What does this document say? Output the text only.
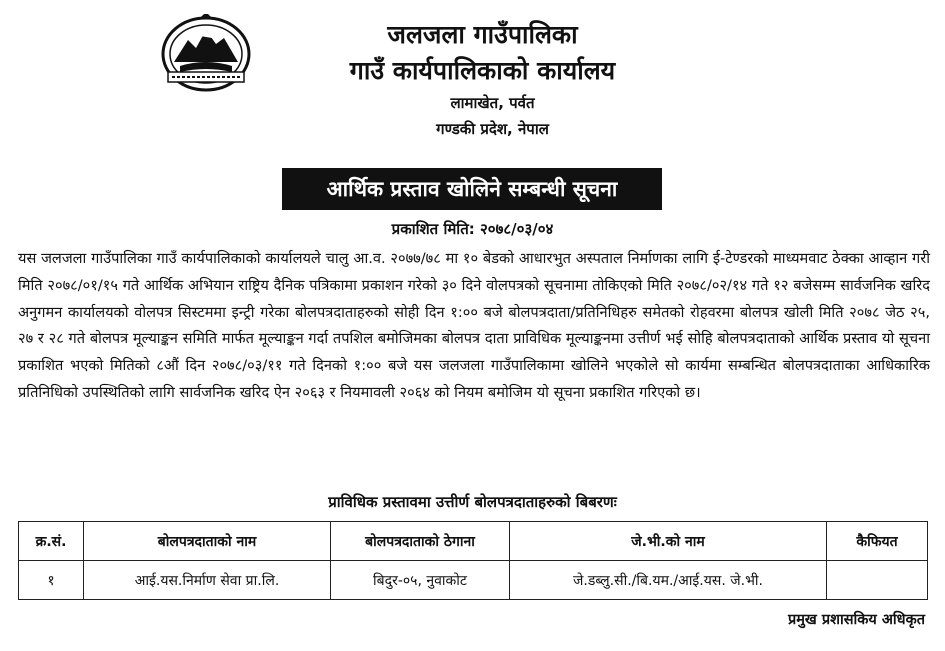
जलजला गाउँपालिका
गाउँ कार्यपालिकाको कार्यालय
लामाखेत, पर्वत
गण्डकी प्रदेश, नेपाल
आर्थिक प्रस्ताव खोलिने सम्बन्धी सूचना
प्रकाशित मिति: २०७८/०३/०४
यस जलजला गाउँपालिका गाउँ कार्यपालिकाको कार्यालयले चालु आ.व. २०७७/७८ मा १० बेडको आधारभुत अस्पताल निर्माणका लागि ई-टेण्डरको माध्यमवाट ठेक्का आव्हान गरी मिति २०७८/०१/१५ गते आर्थिक अभियान राष्ट्रिय दैनिक पत्रिकामा प्रकाशन गरेको ३० दिने वोलपत्रको सूचनामा तोकिएको मिति २०७८/०२/१४ गते १२ बजेसम्म सार्वजनिक खरिद अनुगमन कार्यालयको वोलपत्र सिस्टममा इन्ट्री गरेका बोलपत्रदाताहरुको सोही दिन १:०० बजे बोलपत्रदाता/प्रतिनिधिहरु समेतको रोहवरमा बोलपत्र खोली मिति २०७८ जेठ २५, २७ र २८ गते बोलपत्र मूल्याङ्कन समिति मार्फत मूल्याङ्कन गर्दा तपशिल बमोजिमका बोलपत्र दाता प्राविधिक मूल्याङ्कनमा उत्तीर्ण भई सोहि बोलपत्रदाताको आर्थिक प्रस्ताव यो सूचना प्रकाशित भएको मितिको ८औं दिन २०७८/०३/११ गते दिनको १:०० बजे यस जलजला गाउँपालिकामा खोलिने भएकोले सो कार्यमा सम्बन्धित बोलपत्रदाताका आधिकारिक प्रतिनिधिको उपस्थितिको लागि सार्वजनिक खरिद ऐन २०६३ र नियमावली २०६४ को नियम बमोजिम यो सूचना प्रकाशित गरिएको छ।
प्राविधिक प्रस्तावमा उत्तीर्ण बोलपत्रदाताहरुको बिबरणः
क्र.सं.	बोलपत्रदाताको नाम	बोलपत्रदाताको ठेगाना	जे.भी.को नाम	कैफियत
१	आई.यस.निर्माण सेवा प्रा.लि.	बिदुर-०५, नुवाकोट	जे.डब्लु.सी./बि.यम./आई.यस. जे.भी.	
प्रमुख प्रशासकिय अधिकृत
